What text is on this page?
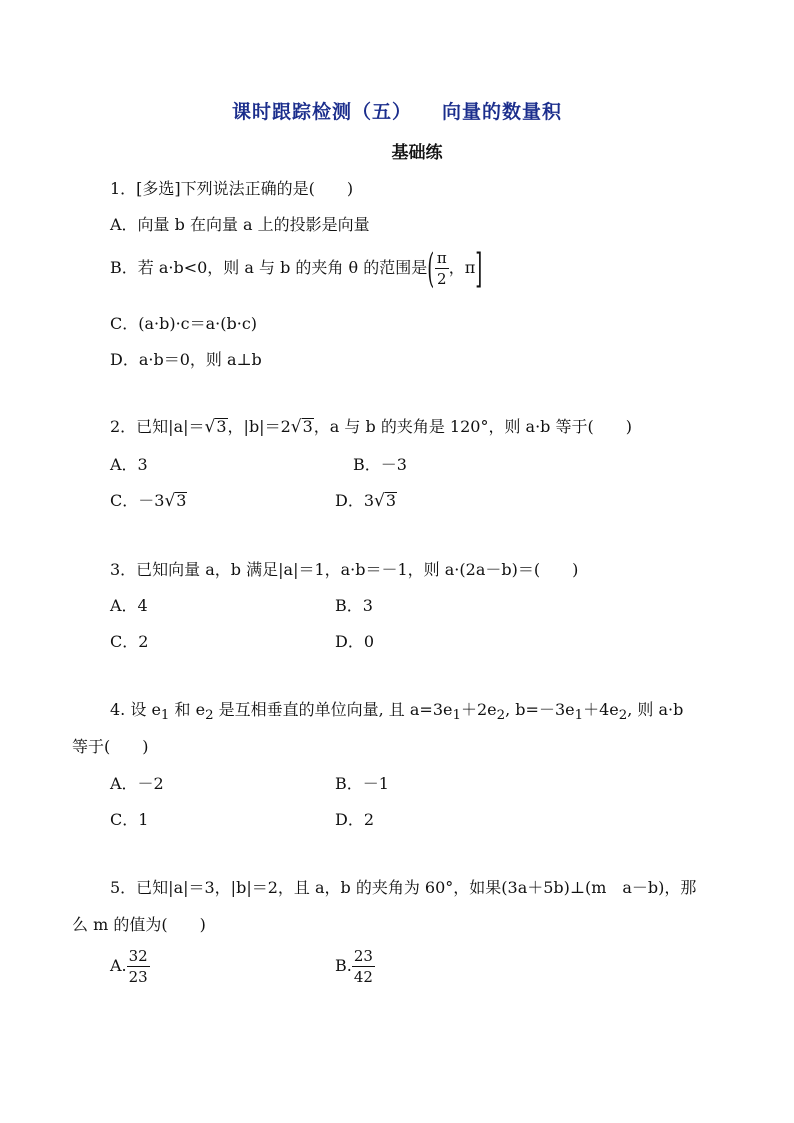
课时跟踪检测（五） 向量的数量积
基础练
1．[多选]下列说法正确的是(　　)
A．向量 b 在向量 a 上的投影是向量
B．若 a·b<0，则 a 与 b 的夹角 θ 的范围是( $\frac{\pi}{2}$ ，π]
C．(a·b)·c＝a·(b·c)
D．a·b＝0，则 a⊥b
2．已知|a|＝√3，|b|＝2√3，a 与 b 的夹角是 120°，则 a·b 等于(　　)
A．3	B．－3
C．－3√3	D．3√3
3．已知向量 a，b 满足|a|＝1，a·b＝－1，则 a·(2a－b)＝(　　)
A．4	B．3
C．2	D．0
4. 设 $e_1$ 和 $e_2$ 是互相垂直的单位向量, 且 $a=3e_1+2e_2$, $b=-3e_1+4e_2$, 则 a·b
等于(　　)
A．－2	B．－1
C．1	D．2
5．已知|a|＝3，|b|＝2，且 a，b 的夹角为 60°，如果(3a＋5b)⊥(m　a－b)，那
么 m 的值为(　　)
A. $\frac{32}{23}$	B. $\frac{23}{42}$
